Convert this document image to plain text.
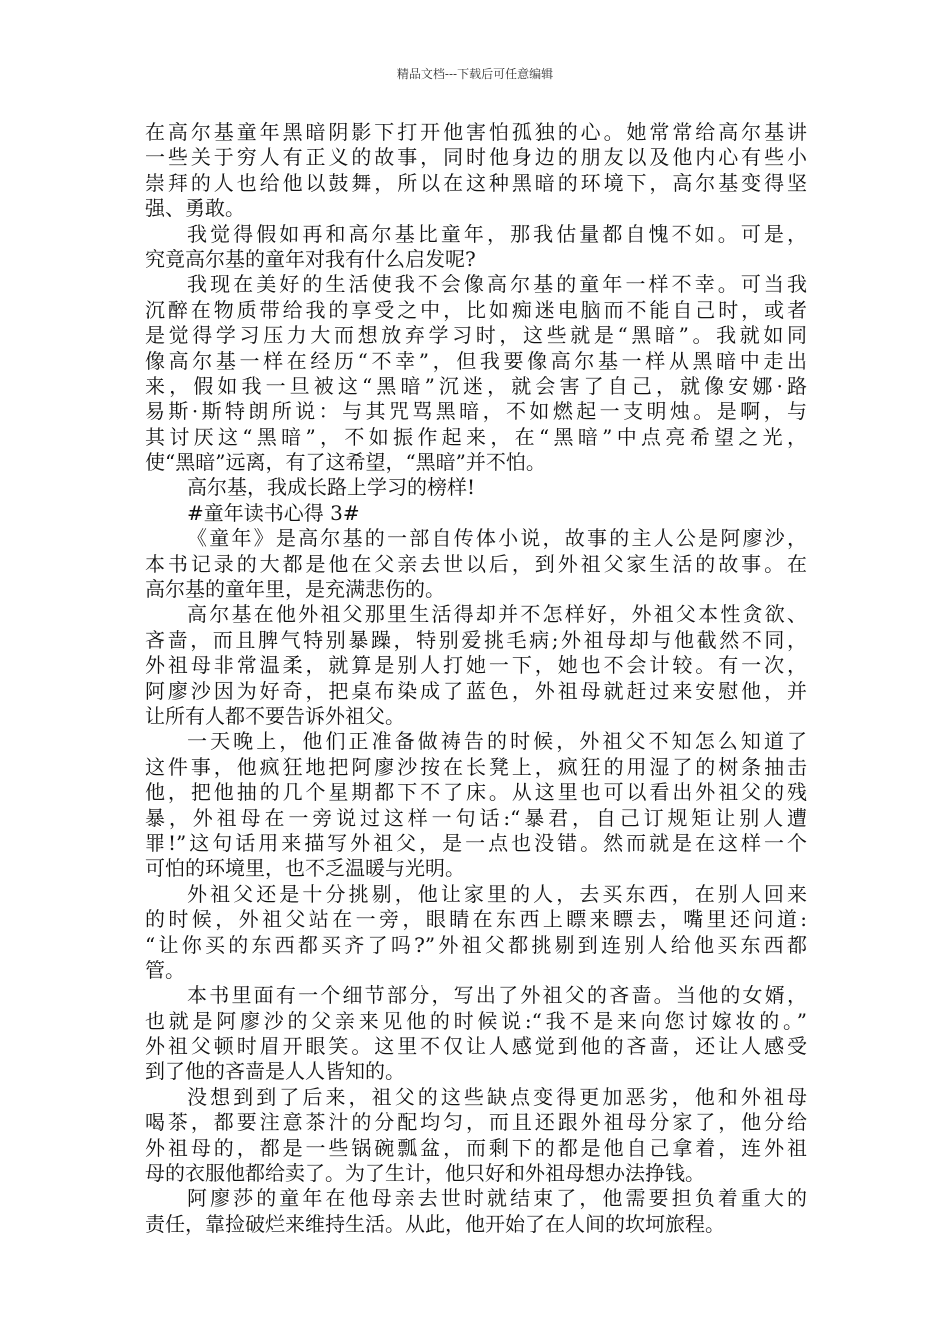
精品文档---下载后可任意编辑
在高尔基童年黑暗阴影下打开他害怕孤独的心。她常常给高尔基讲
一些关于穷人有正义的故事，同时他身边的朋友以及他内心有些小
崇拜的人也给他以鼓舞，所以在这种黑暗的环境下，高尔基变得坚
强、勇敢。
我觉得假如再和高尔基比童年，那我估量都自愧不如。可是，
究竟高尔基的童年对我有什么启发呢?
我现在美好的生活使我不会像高尔基的童年一样不幸。可当我
沉醉在物质带给我的享受之中，比如痴迷电脑而不能自己时，或者
是觉得学习压力大而想放弃学习时，这些就是“黑暗”。我就如同
像高尔基一样在经历“不幸”，但我要像高尔基一样从黑暗中走出
来，假如我一旦被这“黑暗”沉迷，就会害了自己，就像安娜·路
易斯·斯特朗所说：与其咒骂黑暗，不如燃起一支明烛。是啊，与
其讨厌这“黑暗”，不如振作起来，在“黑暗”中点亮希望之光，
使“黑暗”远离，有了这希望，“黑暗”并不怕。
高尔基，我成长路上学习的榜样!
#童年读书心得 3#
《童年》是高尔基的一部自传体小说，故事的主人公是阿廖沙，
本书记录的大都是他在父亲去世以后，到外祖父家生活的故事。在
高尔基的童年里，是充满悲伤的。
高尔基在他外祖父那里生活得却并不怎样好，外祖父本性贪欲、
吝啬，而且脾气特别暴躁，特别爱挑毛病;外祖母却与他截然不同，
外祖母非常温柔，就算是别人打她一下，她也不会计较。有一次，
阿廖沙因为好奇，把桌布染成了蓝色，外祖母就赶过来安慰他，并
让所有人都不要告诉外祖父。
一天晚上，他们正准备做祷告的时候，外祖父不知怎么知道了
这件事，他疯狂地把阿廖沙按在长凳上，疯狂的用湿了的树条抽击
他，把他抽的几个星期都下不了床。从这里也可以看出外祖父的残
暴，外祖母在一旁说过这样一句话:“暴君，自己订规矩让别人遭
罪!”这句话用来描写外祖父，是一点也没错。然而就是在这样一个
可怕的环境里，也不乏温暖与光明。
外祖父还是十分挑剔，他让家里的人，去买东西，在别人回来
的时候，外祖父站在一旁，眼睛在东西上瞟来瞟去，嘴里还问道:
“让你买的东西都买齐了吗?”外祖父都挑剔到连别人给他买东西都
管。
本书里面有一个细节部分，写出了外祖父的吝啬。当他的女婿，
也就是阿廖沙的父亲来见他的时候说:“我不是来向您讨嫁妆的。”
外祖父顿时眉开眼笑。这里不仅让人感觉到他的吝啬，还让人感受
到了他的吝啬是人人皆知的。
没想到到了后来，祖父的这些缺点变得更加恶劣，他和外祖母
喝茶，都要注意茶汁的分配均匀，而且还跟外祖母分家了，他分给
外祖母的，都是一些锅碗瓢盆，而剩下的都是他自己拿着，连外祖
母的衣服他都给卖了。为了生计，他只好和外祖母想办法挣钱。
阿廖莎的童年在他母亲去世时就结束了，他需要担负着重大的
责任，靠捡破烂来维持生活。从此，他开始了在人间的坎坷旅程。
